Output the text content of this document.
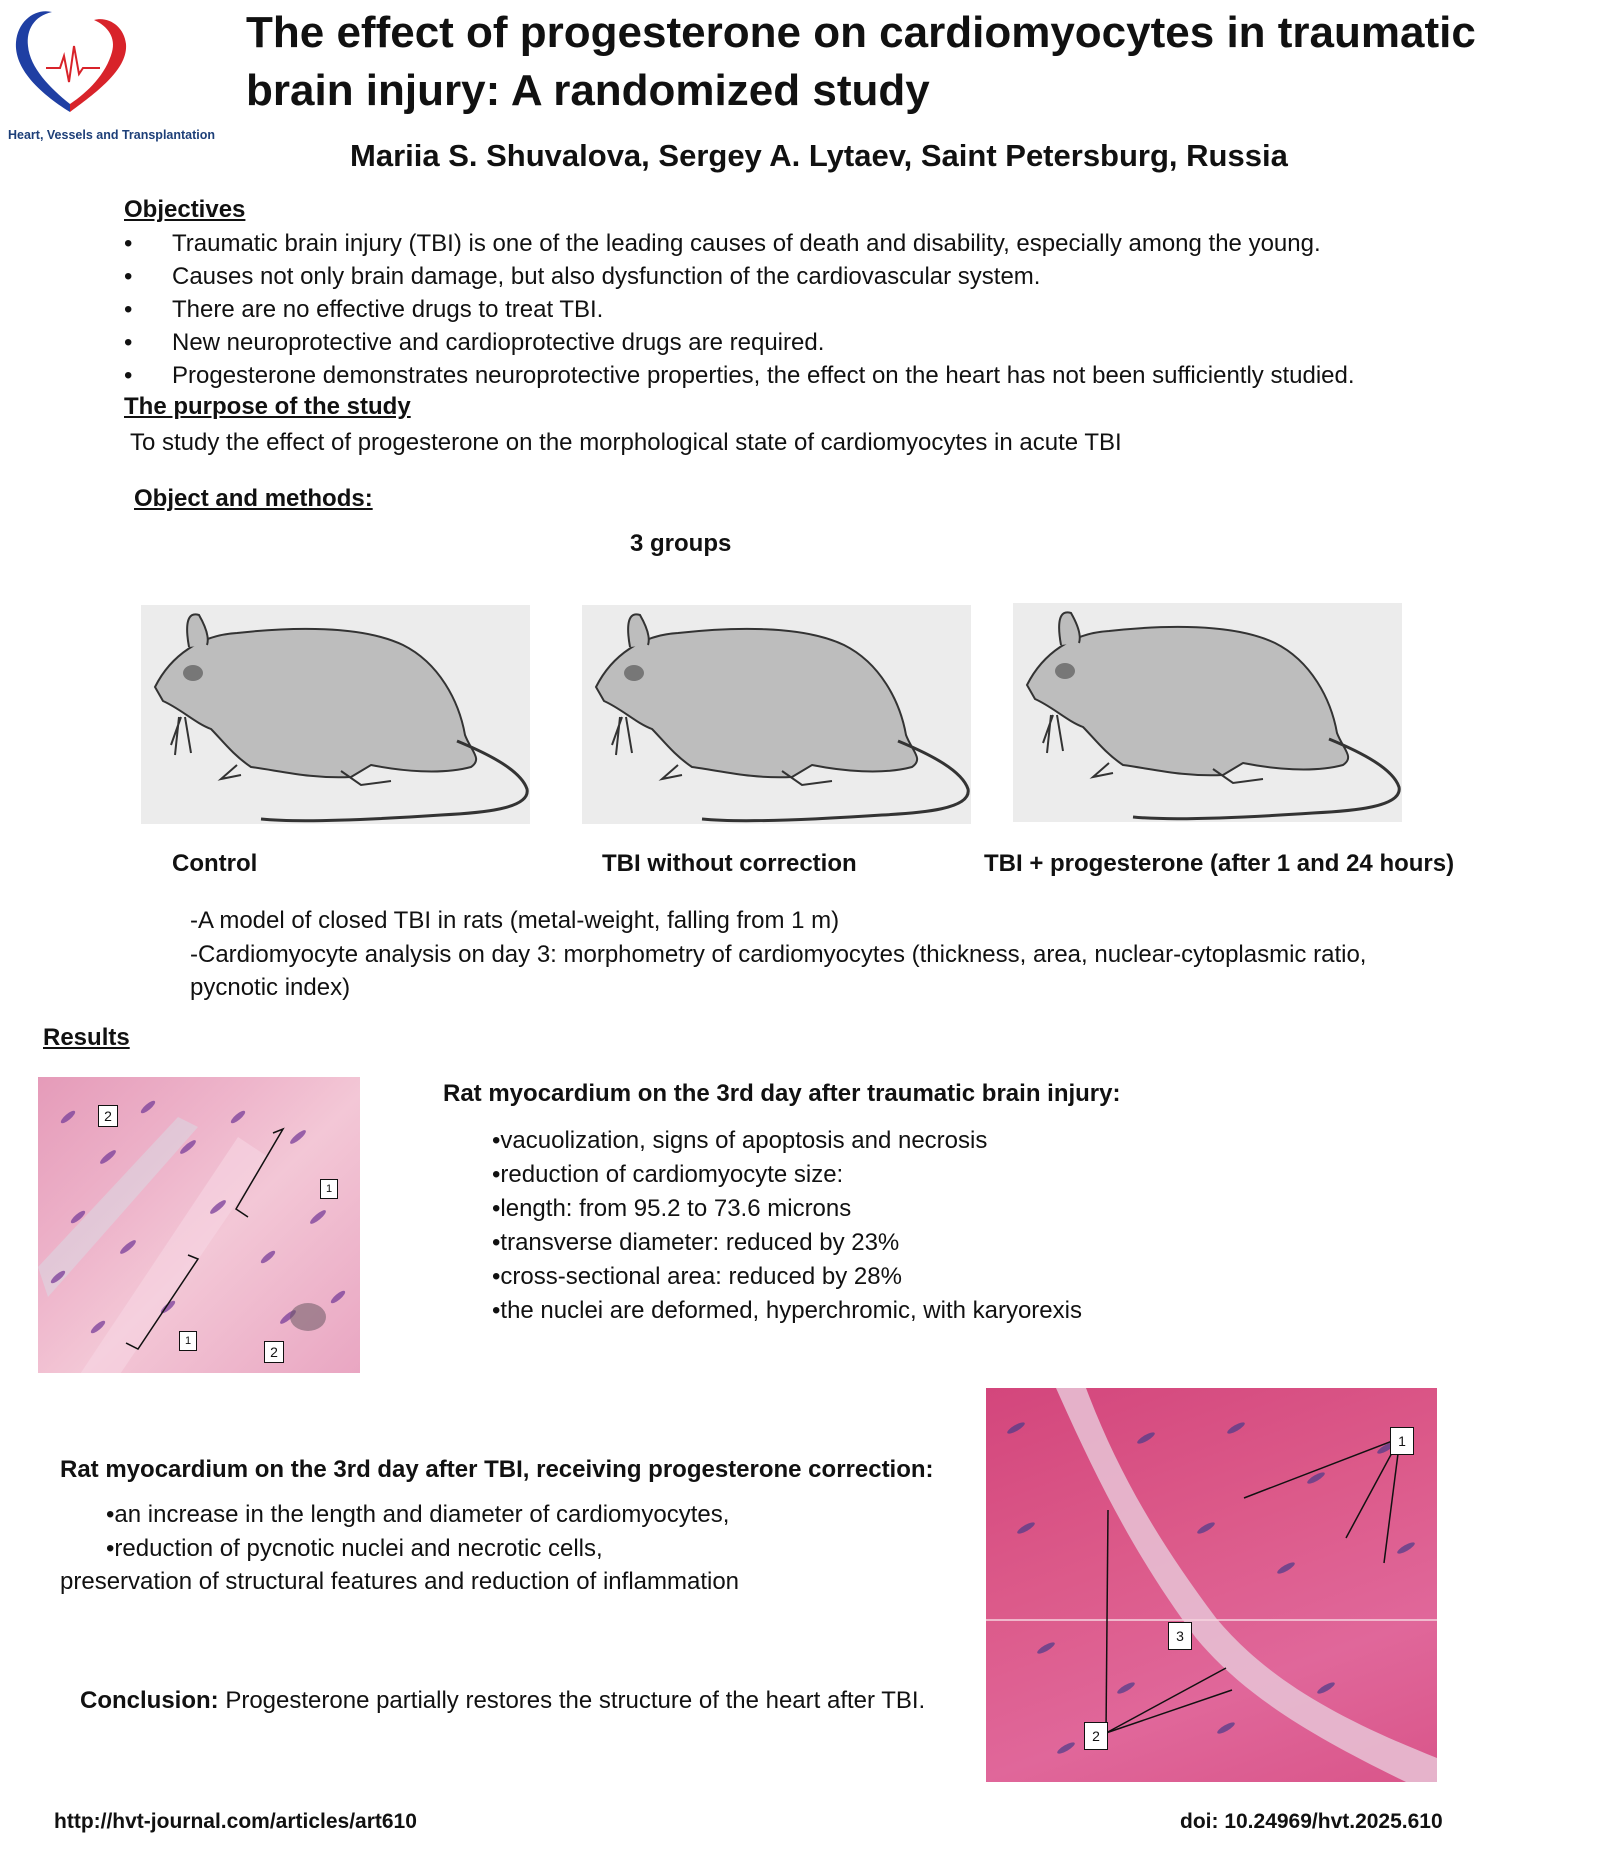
Heart, Vessels and Transplantation
The effect of progesterone on cardiomyocytes in traumatic brain injury: A randomized study
Mariia S. Shuvalova, Sergey A. Lytaev, Saint Petersburg, Russia
Objectives
• Traumatic brain injury (TBI) is one of the leading causes of death and disability, especially among the young.
• Causes not only brain damage, but also dysfunction of the cardiovascular system.
• There are no effective drugs to treat TBI.
• New neuroprotective and cardioprotective drugs are required.
• Progesterone demonstrates neuroprotective properties, the effect on the heart has not been sufficiently studied.
The purpose of the study
To study the effect of progesterone on the morphological state of cardiomyocytes in acute TBI
Object and methods:
3 groups
Control	TBI without correction	TBI + progesterone (after 1 and 24 hours)
-A model of closed TBI in rats (metal-weight, falling from 1 m)
-Cardiomyocyte analysis on day 3: morphometry of cardiomyocytes (thickness, area, nuclear-cytoplasmic ratio, pycnotic index)
Results
2
1
1
2
Rat myocardium on the 3rd day after traumatic brain injury:
•vacuolization, signs of apoptosis and necrosis
•reduction of cardiomyocyte size:
•length: from 95.2 to 73.6 microns
•transverse diameter: reduced by 23%
•cross-sectional area: reduced by 28%
•the nuclei are deformed, hyperchromic, with karyorexis
1
3
2
Rat myocardium on the 3rd day after TBI, receiving progesterone correction:
•an increase in the length and diameter of cardiomyocytes,
•reduction of pycnotic nuclei and necrotic cells,
preservation of structural features and reduction of inflammation
Conclusion: Progesterone partially restores the structure of the heart after TBI.
http://hvt-journal.com/articles/art610	doi: 10.24969/hvt.2025.610
